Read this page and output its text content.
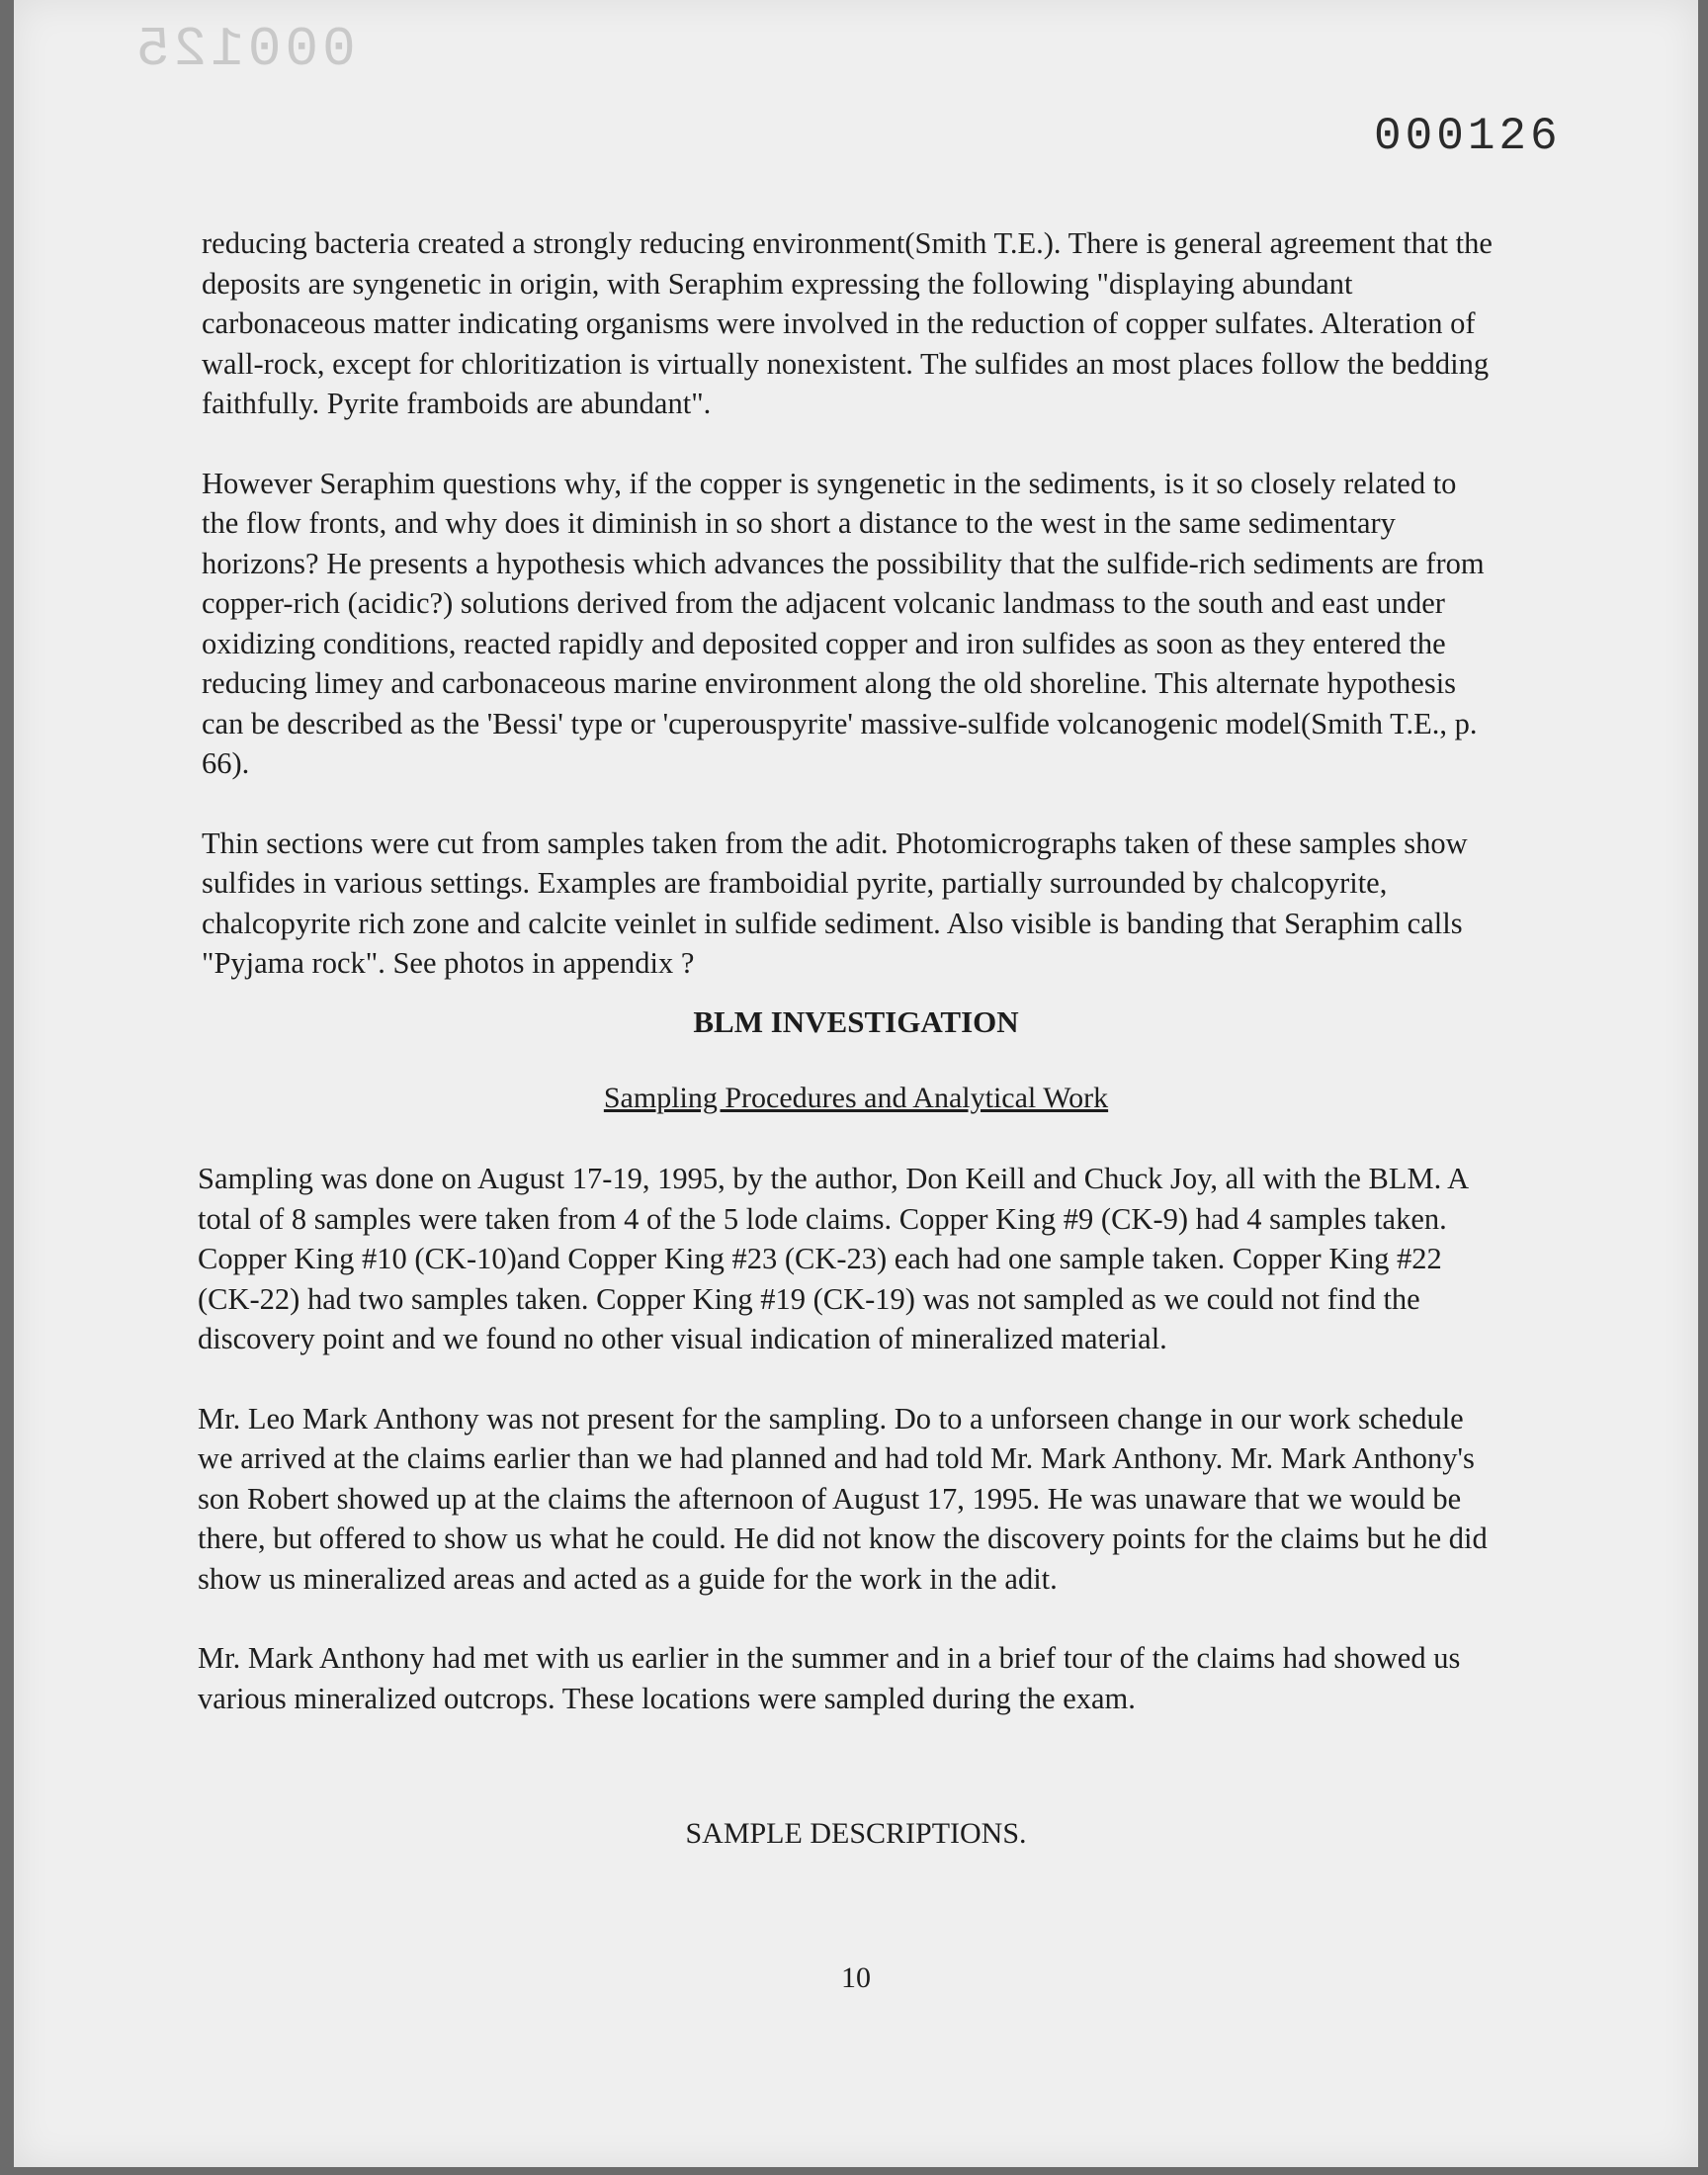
000125

000126

reducing bacteria created a strongly reducing environment(Smith T.E.). There is general agreement that the deposits are syngenetic in origin, with Seraphim expressing the following "displaying abundant carbonaceous matter indicating organisms were involved in the reduction of copper sulfates. Alteration of wall-rock, except for chloritization is virtually nonexistent. The sulfides an most places follow the bedding faithfully. Pyrite framboids are abundant".

However Seraphim questions why, if the copper is syngenetic in the sediments, is it so closely related to the flow fronts, and why does it diminish in so short a distance to the west in the same sedimentary horizons? He presents a hypothesis which advances the possibility that the sulfide-rich sediments are from copper-rich (acidic?) solutions derived from the adjacent volcanic landmass to the south and east under oxidizing conditions, reacted rapidly and deposited copper and iron sulfides as soon as they entered the reducing limey and carbonaceous marine environment along the old shoreline. This alternate hypothesis can be described as the 'Bessi' type or 'cuperouspyrite' massive-sulfide volcanogenic model(Smith T.E., p. 66).

Thin sections were cut from samples taken from the adit. Photomicrographs taken of these samples show sulfides in various settings. Examples are framboidial pyrite, partially surrounded by chalcopyrite, chalcopyrite rich zone and calcite veinlet in sulfide sediment. Also visible is banding that Seraphim calls "Pyjama rock". See photos in appendix ?

BLM INVESTIGATION
Sampling Procedures and Analytical Work

Sampling was done on August 17-19, 1995, by the author, Don Keill and Chuck Joy, all with the BLM. A total of 8 samples were taken from 4 of the 5 lode claims. Copper King #9 (CK-9) had 4 samples taken. Copper King #10 (CK-10)and Copper King #23 (CK-23) each had one sample taken. Copper King #22 (CK-22) had two samples taken. Copper King #19 (CK-19) was not sampled as we could not find the discovery point and we found no other visual indication of mineralized material.

Mr. Leo Mark Anthony was not present for the sampling. Do to a unforseen change in our work schedule we arrived at the claims earlier than we had planned and had told Mr. Mark Anthony. Mr. Mark Anthony's son Robert showed up at the claims the afternoon of August 17, 1995. He was unaware that we would be there, but offered to show us what he could. He did not know the discovery points for the claims but he did show us mineralized areas and acted as a guide for the work in the adit.

Mr. Mark Anthony had met with us earlier in the summer and in a brief tour of the claims had showed us various mineralized outcrops. These locations were sampled during the exam.

SAMPLE DESCRIPTIONS.
10
